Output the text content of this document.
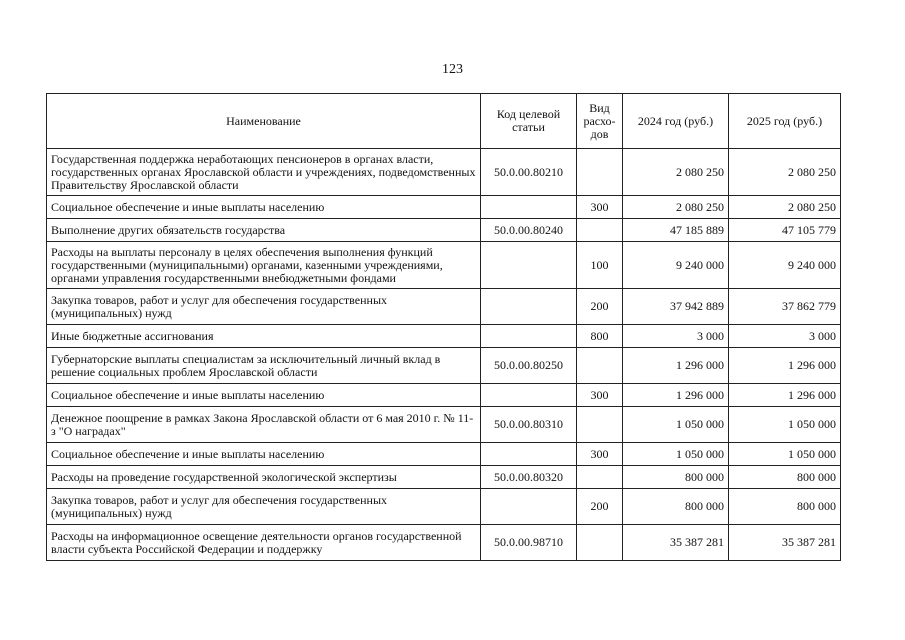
123
Наименование	Код целевой статьи	Вид расхо-дов	2024 год (руб.)	2025 год (руб.)
Государственная поддержка неработающих пенсионеров в органах власти, государственных органах Ярославской области и учреждениях, подведомственных Правительству Ярославской области	50.0.00.80210		2 080 250	2 080 250
Социальное обеспечение и иные выплаты населению		300	2 080 250	2 080 250
Выполнение других обязательств государства	50.0.00.80240		47 185 889	47 105 779
Расходы на выплаты персоналу в целях обеспечения выполнения функций государственными (муниципальными) органами, казенными учреждениями, органами управления государственными внебюджетными фондами		100	9 240 000	9 240 000
Закупка товаров, работ и услуг для обеспечения государственных (муниципальных) нужд		200	37 942 889	37 862 779
Иные бюджетные ассигнования		800	3 000	3 000
Губернаторские выплаты специалистам за исключительный личный вклад в решение социальных проблем Ярославской области	50.0.00.80250		1 296 000	1 296 000
Социальное обеспечение и иные выплаты населению		300	1 296 000	1 296 000
Денежное поощрение в рамках Закона Ярославской области от 6 мая 2010 г. № 11-з "О наградах"	50.0.00.80310		1 050 000	1 050 000
Социальное обеспечение и иные выплаты населению		300	1 050 000	1 050 000
Расходы на проведение государственной экологической экспертизы	50.0.00.80320		800 000	800 000
Закупка товаров, работ и услуг для обеспечения государственных (муниципальных) нужд		200	800 000	800 000
Расходы на информационное освещение деятельности органов государственной власти субъекта Российской Федерации и поддержку	50.0.00.98710		35 387 281	35 387 281
